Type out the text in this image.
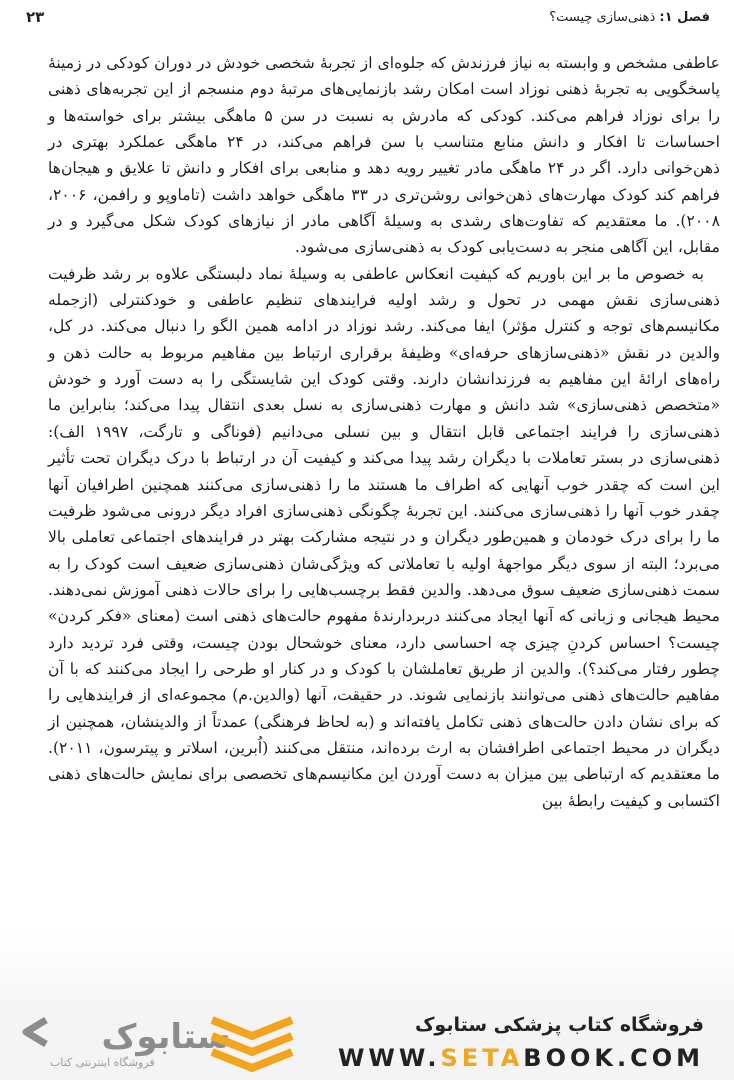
فصل ۱: ذهنی‌سازی چیست؟
۲۳

عاطفی مشخص و وابسته به نیاز فرزندش که جلوه‌ای از تجربهٔ شخصی خودش در دوران کودکی در زمینهٔ پاسخگویی به تجربهٔ ذهنی نوزاد است امکان رشد بازنمایی‌های مرتبهٔ دوم منسجم از این تجربه‌های ذهنی را برای نوزاد فراهم می‌کند. کودکی که مادرش به نسبت در سن ۵ ماهگی بیشتر برای خواسته‌ها و احساسات تا افکار و دانش منابع متناسب با سن فراهم می‌کند، در ۲۴ ماهگی عملکرد بهتری در ذهن‌خوانی دارد. اگر در ۲۴ ماهگی مادر تغییر رویه دهد و منابعی برای افکار و دانش تا علایق و هیجان‌ها فراهم کند کودک مهارت‌های ذهن‌خوانی روشن‌تری در ۳۳ ماهگی خواهد داشت (تاماوپو و رافمن، ۲۰۰۶، ۲۰۰۸). ما معتقدیم که تفاوت‌های رشدی به وسیلهٔ آگاهی مادر از نیازهای کودک شکل می‌گیرد و در مقابل، این آگاهی منجر به دست‌یابی کودک به ذهنی‌سازی می‌شود.

به خصوص ما بر این باوریم که کیفیت انعکاس عاطفی به وسیلهٔ نماد دلبستگی علاوه بر رشد ظرفیت ذهنی‌سازی نقش مهمی در تحول و رشد اولیه فرایندهای تنظیم عاطفی و خودکنترلی (ازجمله مکانیسم‌های توجه و کنترل مؤثر) ایفا می‌کند. رشد نوزاد در ادامه همین الگو را دنبال می‌کند. در کل، والدین در نقش «ذهنی‌سازهای حرفه‌ای» وظیفهٔ برقراری ارتباط بین مفاهیم مربوط به حالت ذهن و راه‌های ارائهٔ این مفاهیم به فرزندانشان دارند. وقتی کودک این شایستگی را به دست آورد و خودش «متخصص ذهنی‌سازی» شد دانش و مهارت ذهنی‌سازی به نسل بعدی انتقال پیدا می‌کند؛ بنابراین ما ذهنی‌سازی را فرایند اجتماعی قابل انتقال و بین نسلی می‌دانیم (فوناگی و تارگت، ۱۹۹۷ الف): ذهنی‌سازی در بستر تعاملات با دیگران رشد پیدا می‌کند و کیفیت آن در ارتباط با درک دیگران تحت تأثیر این است که چقدر خوب آنهایی که اطراف ما هستند ما را ذهنی‌سازی می‌کنند همچنین اطرافیان آنها چقدر خوب آنها را ذهنی‌سازی می‌کنند. این تجربهٔ چگونگی ذهنی‌سازی افراد دیگر درونی می‌شود ظرفیت ما را برای درک خودمان و همین‌طور دیگران و در نتیجه مشارکت بهتر در فرایندهای اجتماعی تعاملی بالا می‌برد؛ البته از سوی دیگر مواجههٔ اولیه با تعاملاتی که ویژگی‌شان ذهنی‌سازی ضعیف است کودک را به سمت ذهنی‌سازی ضعیف سوق می‌دهد. والدین فقط برچسب‌هایی را برای حالات ذهنی آموزش نمی‌دهند. محیط هیجانی و زبانی که آنها ایجاد می‌کنند دربردارندهٔ مفهوم حالت‌های ذهنی است (معنای «فکر کردن» چیست؟ احساس کردنِ چیزی چه احساسی دارد، معنای خوشحال بودن چیست، وقتی فرد تردید دارد چطور رفتار می‌کند؟). والدین از طریق تعاملشان با کودک و در کنار او طرحی را ایجاد می‌کنند که با آن مفاهیم حالت‌های ذهنی می‌توانند بازنمایی شوند. در حقیقت، آنها (والدین.م) مجموعه‌ای از فرایندهایی را که برای نشان دادن حالت‌های ذهنی تکامل یافته‌اند و (به لحاظ فرهنگی) عمدتاً از والدینشان، همچنین از دیگران در محیط اجتماعی اطرافشان به ارث برده‌اند، منتقل می‌کنند (اُبرین، اسلاتر و پیترسون، ۲۰۱۱). ما معتقدیم که ارتباطی بین میزان به دست آوردن این مکانیسم‌های تخصصی برای نمایش حالت‌های ذهنی اکتسابی و کیفیت رابطهٔ بین

ستابوک
فروشگاه اینترنتی کتاب
فروشگاه کتاب پزشکی ستابوک
WWW.SETABOOK.COM
